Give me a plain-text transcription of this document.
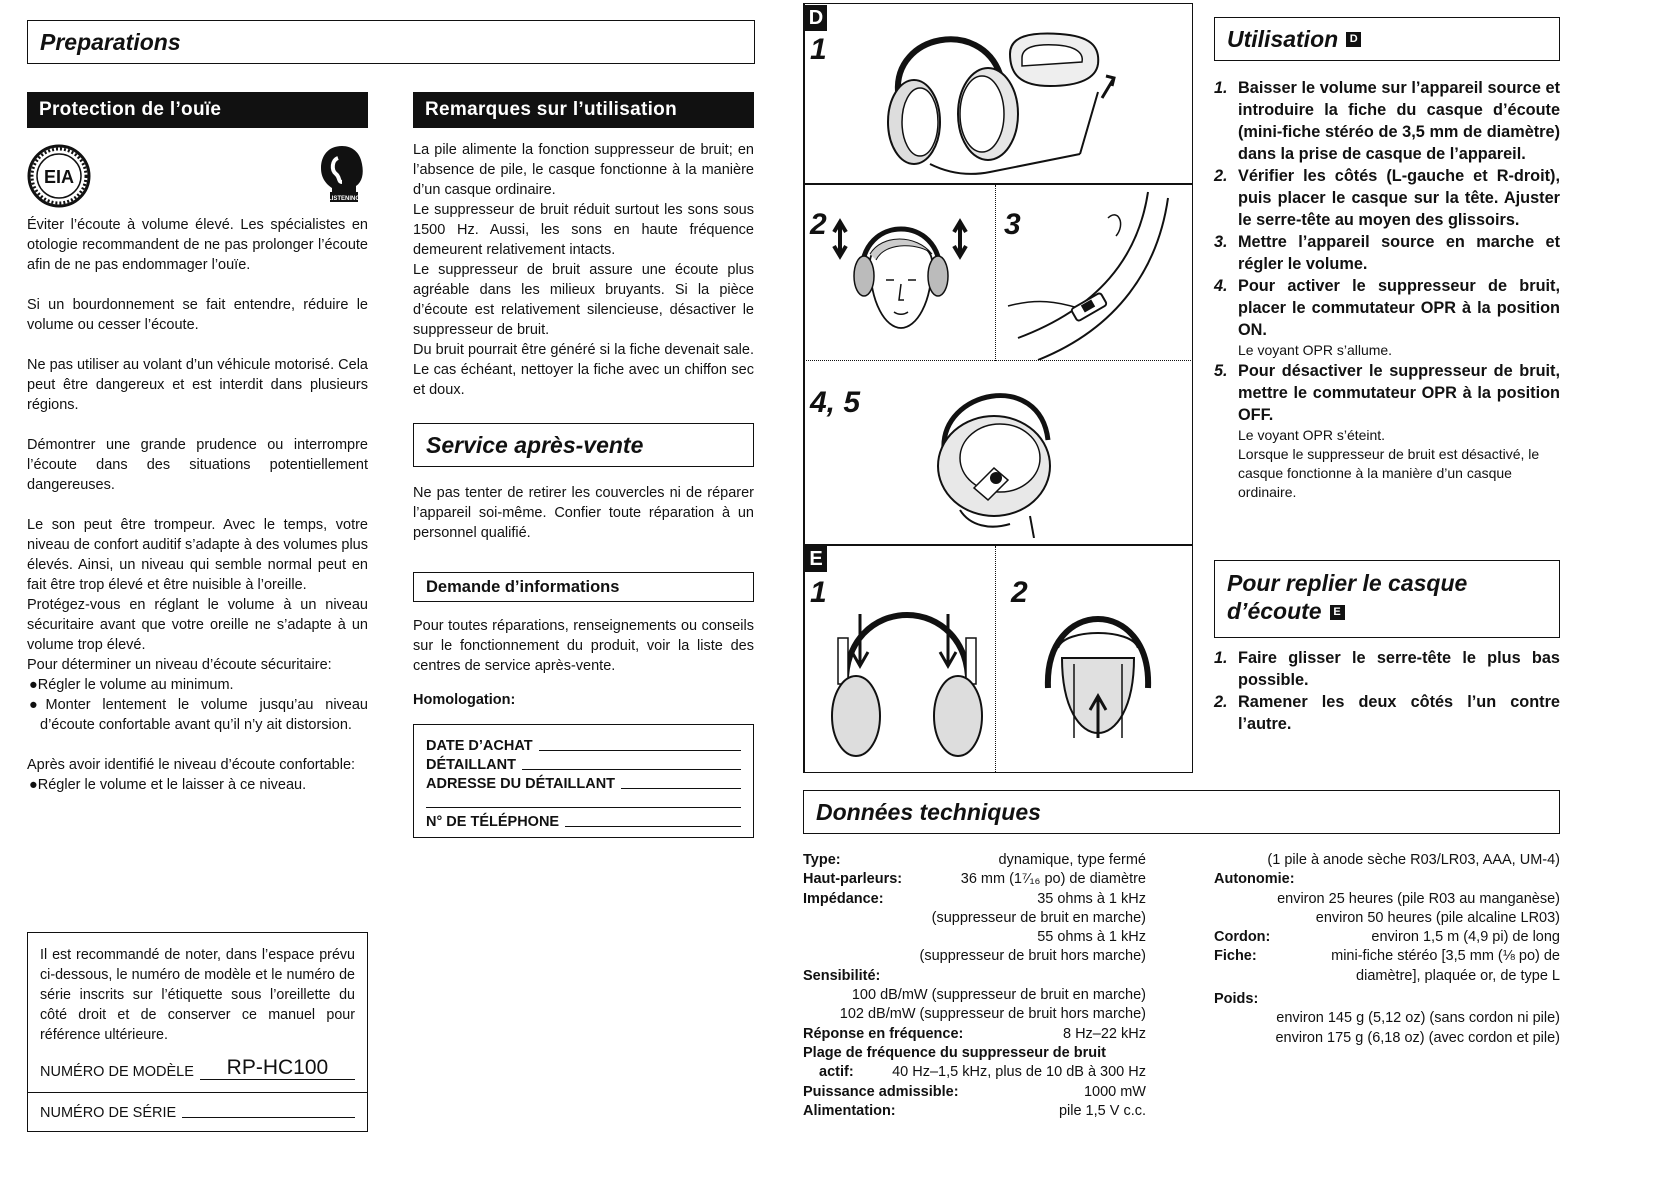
Preparations
Protection de l’ouïe
EIA
LISTENING

Éviter l’écoute à volume élevé. Les spécialistes en otologie recommandent de ne pas prolonger l’écoute afin de ne pas endommager l’ouïe.

Si un bourdonnement se fait entendre, réduire le volume ou cesser l’écoute.

Ne pas utiliser au volant d’un véhicule motorisé. Cela peut être dangereux et est interdit dans plusieurs régions.

Démontrer une grande prudence ou interrompre l’écoute dans des situations potentiellement dangereuses.

Le son peut être trompeur. Avec le temps, votre niveau de confort auditif s’adapte à des volumes plus élevés. Ainsi, un niveau qui semble normal peut en fait être trop élevé et être nuisible à l’oreille.

Protégez-vous en réglant le volume à un niveau sécuritaire avant que votre oreille ne s’adapte à un volume trop élevé.

Pour déterminer un niveau d’écoute sécuritaire:

●Régler le volume au minimum.

●Monter lentement le volume jusqu’au niveau d’écoute confortable avant qu’il n’y ait distorsion.

Après avoir identifié le niveau d’écoute confortable:

●Régler le volume et le laisser à ce niveau.

Il est recommandé de noter, dans l’espace prévu ci-dessous, le numéro de modèle et le numéro de série inscrits sur l’étiquette sous l’oreillette du côté droit et de conserver ce manuel pour référence ultérieure.
NUMÉRO DE MODÈLE	RP-HC100
NUMÉRO DE SÉRIE
Remarques sur l’utilisation

La pile alimente la fonction suppresseur de bruit; en l’absence de pile, le casque fonctionne à la manière d’un casque ordinaire.

Le suppresseur de bruit réduit surtout les sons sous 1500 Hz. Aussi, les sons en haute fréquence demeurent relativement intacts.

Le suppresseur de bruit assure une écoute plus agréable dans les milieux bruyants. Si la pièce d’écoute est relativement silencieuse, désactiver le suppresseur de bruit.

Du bruit pourrait être généré si la fiche devenait sale. Le cas échéant, nettoyer la fiche avec un chiffon sec et doux.

Service après-vente
Ne pas tenter de retirer les couvercles ni de réparer l’appareil soi-même. Confier toute réparation à un personnel qualifié.
Demande d’informations
Pour toutes réparations, renseignements ou conseils sur le fonctionnement du produit, voir la liste des centres de service après-vente.
Homologation:
DATE D’ACHAT
DÉTAILLANT
ADRESSE DU DÉTAILLANT
N° DE TÉLÉPHONE
D
1
2	3
4, 5
E
1	2
Utilisation	D
1. Baisser le volume sur l’appareil source et introduire la fiche du casque d’écoute (mini-fiche stéréo de 3,5 mm de diamètre) dans la prise de casque de l’appareil.
2. Vérifier les côtés (L-gauche et R-droit), puis placer le casque sur la tête. Ajuster le serre-tête au moyen des glissoirs.
3. Mettre l’appareil source en marche et régler le volume.
4. Pour activer le suppresseur de bruit, placer le commutateur OPR à la position ON.
Le voyant OPR s’allume.
5. Pour désactiver le suppresseur de bruit, mettre le commutateur OPR à la position OFF.
Le voyant OPR s’éteint.
Lorsque le suppresseur de bruit est désactivé, le casque fonctionne à la manière d’un casque ordinaire.
Pour replier le casque
d’écoute E
1. Faire glisser le serre-tête le plus bas possible.
2. Ramener les deux côtés l’un contre l’autre.
Données techniques
Type:	dynamique, type fermé
Haut-parleurs:	36 mm (1⁷⁄₁₆ po) de diamètre
Impédance:	35 ohms à 1 kHz
(suppresseur de bruit en marche)
55 ohms à 1 kHz
(suppresseur de bruit hors marche)
Sensibilité:
100 dB/mW (suppresseur de bruit en marche)
102 dB/mW (suppresseur de bruit hors marche)
Réponse en fréquence:	8 Hz–22 kHz
Plage de fréquence du suppresseur de bruit
actif:	40 Hz–1,5 kHz, plus de 10 dB à 300 Hz
Puissance admissible:	1000 mW
Alimentation:	pile 1,5 V c.c.
(1 pile à anode sèche R03/LR03, AAA, UM-4)
Autonomie:
environ 25 heures (pile R03 au manganèse)
environ 50 heures (pile alcaline LR03)
Cordon:	environ 1,5 m (4,9 pi) de long
Fiche:	mini-fiche stéréo [3,5 mm (⅛ po) de
diamètre], plaquée or, de type L
Poids:
environ 145 g (5,12 oz) (sans cordon ni pile)
environ 175 g (6,18 oz) (avec cordon et pile)
